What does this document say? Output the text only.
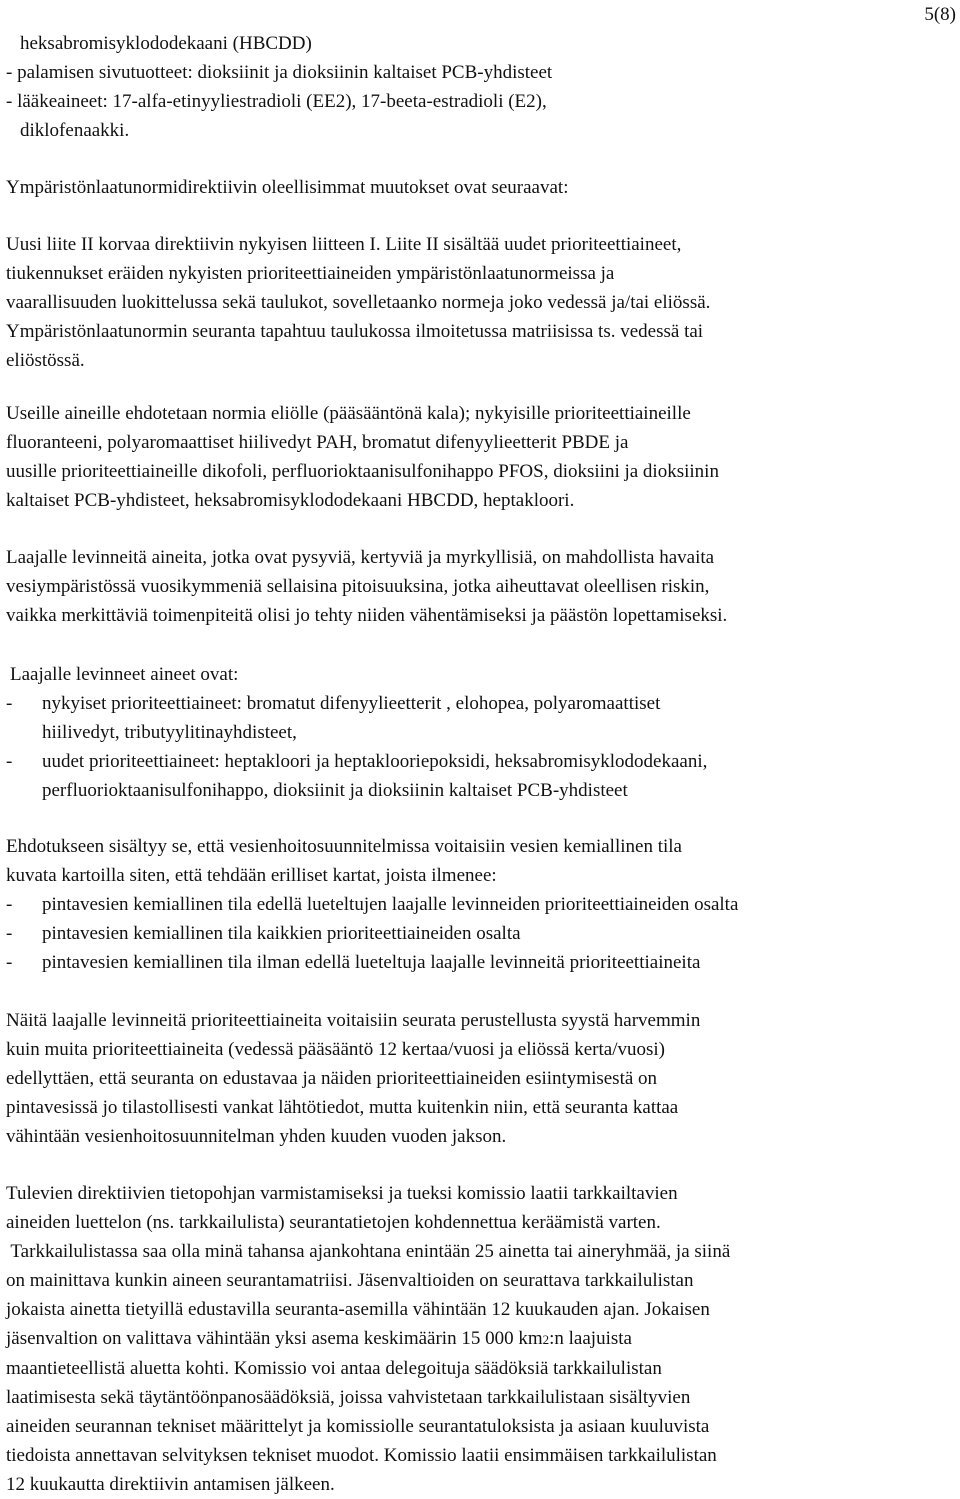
5(8)
heksabromisyklododekaani (HBCDD)
- palamisen sivutuotteet: dioksiinit ja dioksiinin kaltaiset PCB-yhdisteet
- lääkeaineet: 17-alfa-etinyyliestradioli (EE2), 17-beeta-estradioli (E2),
diklofenaakki.
Ympäristönlaatunormidirektiivin oleellisimmat muutokset ovat seuraavat:
Uusi liite II korvaa direktiivin nykyisen liitteen I. Liite II sisältää uudet prioriteettiaineet,
tiukennukset eräiden nykyisten prioriteettiaineiden ympäristönlaatunormeissa ja
vaarallisuuden luokittelussa sekä taulukot, sovelletaanko normeja joko vedessä ja/tai eliössä.
Ympäristönlaatunormin seuranta tapahtuu taulukossa ilmoitetussa matriisissa ts. vedessä tai
eliöstössä.
Useille aineille ehdotetaan normia eliölle (pääsääntönä kala); nykyisille prioriteettiaineille
fluoranteeni, polyaromaattiset hiilivedyt PAH, bromatut difenyylieetterit PBDE ja
uusille prioriteettiaineille dikofoli, perfluorioktaanisulfonihappo PFOS, dioksiini ja dioksiinin
kaltaiset PCB-yhdisteet, heksabromisyklododekaani HBCDD, heptakloori.
Laajalle levinneitä aineita, jotka ovat pysyviä, kertyviä ja myrkyllisiä, on mahdollista havaita
vesiympäristössä vuosikymmeniä sellaisina pitoisuuksina, jotka aiheuttavat oleellisen riskin,
vaikka merkittäviä toimenpiteitä olisi jo tehty niiden vähentämiseksi ja päästön lopettamiseksi.
Laajalle levinneet aineet ovat:
- nykyiset prioriteettiaineet: bromatut difenyylieetterit , elohopea, polyaromaattiset
hiilivedyt, tributyylitinayhdisteet,
- uudet prioriteettiaineet: heptakloori ja heptaklooriepoksidi, heksabromisyklododekaani,
perfluorioktaanisulfonihappo, dioksiinit ja dioksiinin kaltaiset PCB-yhdisteet
Ehdotukseen sisältyy se, että vesienhoitosuunnitelmissa voitaisiin vesien kemiallinen tila
kuvata kartoilla siten, että tehdään erilliset kartat, joista ilmenee:
- pintavesien kemiallinen tila edellä lueteltujen laajalle levinneiden prioriteettiaineiden osalta
- pintavesien kemiallinen tila kaikkien prioriteettiaineiden osalta
- pintavesien kemiallinen tila ilman edellä lueteltuja laajalle levinneitä prioriteettiaineita
Näitä laajalle levinneitä prioriteettiaineita voitaisiin seurata perustellusta syystä harvemmin
kuin muita prioriteettiaineita (vedessä pääsääntö 12 kertaa/vuosi ja eliössä kerta/vuosi)
edellyttäen, että seuranta on edustavaa ja näiden prioriteettiaineiden esiintymisestä on
pintavesissä jo tilastollisesti vankat lähtötiedot, mutta kuitenkin niin, että seuranta kattaa
vähintään vesienhoitosuunnitelman yhden kuuden vuoden jakson.
Tulevien direktiivien tietopohjan varmistamiseksi ja tueksi komissio laatii tarkkailtavien
aineiden luettelon (ns. tarkkailulista) seurantatietojen kohdennettua keräämistä varten.
Tarkkailulistassa saa olla minä tahansa ajankohtana enintään 25 ainetta tai aineryhmää, ja siinä
on mainittava kunkin aineen seurantamatriisi. Jäsenvaltioiden on seurattava tarkkailulistan
jokaista ainetta tietyillä edustavilla seuranta-asemilla vähintään 12 kuukauden ajan. Jokaisen
jäsenvaltion on valittava vähintään yksi asema keskimäärin 15 000 km2:n laajuista
maantieteellistä aluetta kohti. Komissio voi antaa delegoituja säädöksiä tarkkailulistan
laatimisesta sekä täytäntöönpanosäädöksiä, joissa vahvistetaan tarkkailulistaan sisältyvien
aineiden seurannan tekniset määrittelyt ja komissiolle seurantatuloksista ja asiaan kuuluvista
tiedoista annettavan selvityksen tekniset muodot. Komissio laatii ensimmäisen tarkkailulistan
12 kuukautta direktiivin antamisen jälkeen.
